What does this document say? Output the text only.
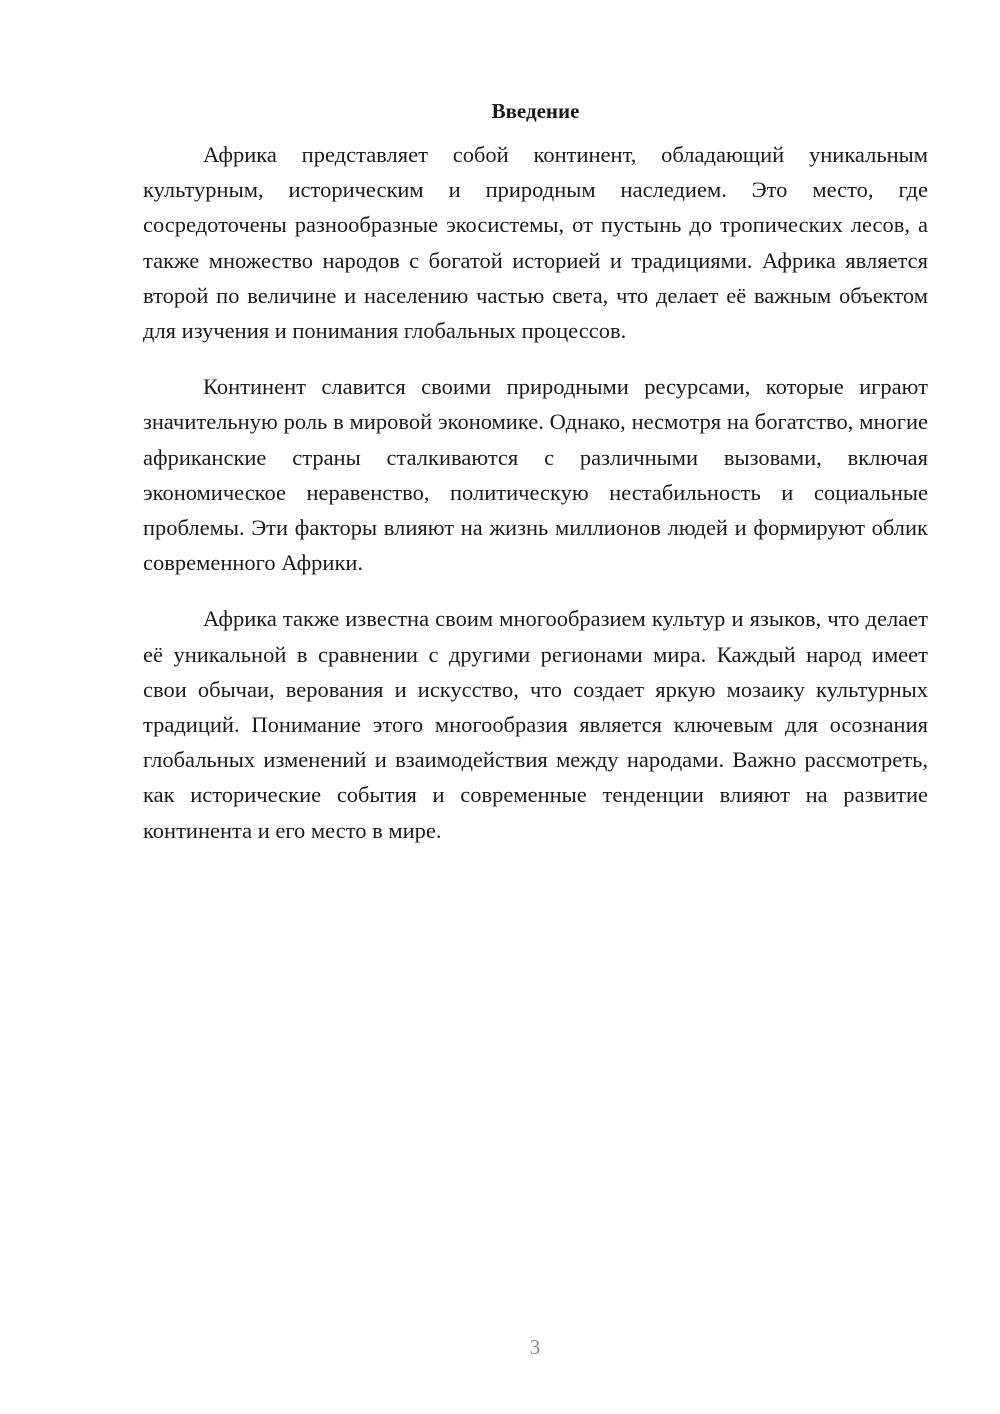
Введение

Африка представляет собой континент, обладающий уникальным культурным, историческим и природным наследием. Это место, где сосредоточены разнообразные экосистемы, от пустынь до тропических лесов, а также множество народов с богатой историей и традициями. Африка является второй по величине и населению частью света, что делает её важным объектом для изучения и понимания глобальных процессов.

Континент славится своими природными ресурсами, которые играют значительную роль в мировой экономике. Однако, несмотря на богатство, многие африканские страны сталкиваются с различными вызовами, включая экономическое неравенство, политическую нестабильность и социальные проблемы. Эти факторы влияют на жизнь миллионов людей и формируют облик современного Африки.

Африка также известна своим многообразием культур и языков, что делает её уникальной в сравнении с другими регионами мира. Каждый народ имеет свои обычаи, верования и искусство, что создает яркую мозаику культурных традиций. Понимание этого многообразия является ключевым для осознания глобальных изменений и взаимодействия между народами. Важно рассмотреть, как исторические события и современные тенденции влияют на развитие континента и его место в мире.

3
